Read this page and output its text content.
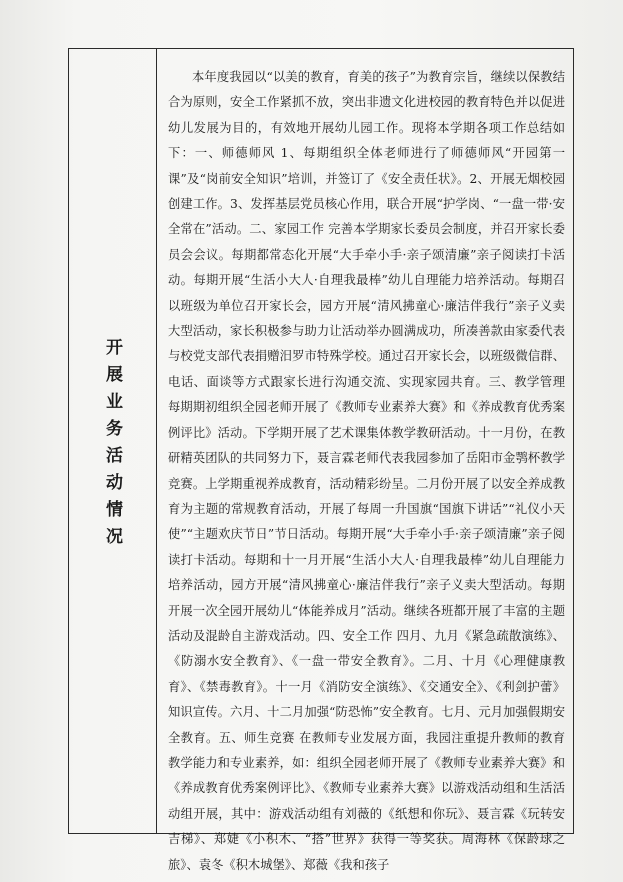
开展业务活动情况

本年度我园以“以美的教育，育美的孩子”为教育宗旨，继续以保教结合为原则，安全工作紧抓不放，突出非遗文化进校园的教育特色并以促进幼儿发展为目的，有效地开展幼儿园工作。现将本学期各项工作总结如下：一、师德师风 1、每期组织全体老师进行了师德师风“开园第一课”及“岗前安全知识”培训，并签订了《安全责任状》。2、开展无烟校园创建工作。3、发挥基层党员核心作用，联合开展“护学岗、“一盘一带·安全常在”活动。二、家园工作 完善本学期家长委员会制度，并召开家长委员会会议。每期都常态化开展“大手牵小手·亲子颂清廉”亲子阅读打卡活动。每期开展“生活小大人·自理我最棒”幼儿自理能力培养活动。每期召以班级为单位召开家长会，园方开展“清风拂童心·廉洁伴我行”亲子义卖大型活动，家长积极参与助力让活动举办圆满成功，所凑善款由家委代表与校党支部代表捐赠汨罗市特殊学校。通过召开家长会，以班级微信群、电话、面谈等方式跟家长进行沟通交流、实现家园共育。三、教学管理 每期期初组织全园老师开展了《教师专业素养大赛》和《养成教育优秀案例评比》活动。下学期开展了艺术课集体教学教研活动。十一月份，在教研精英团队的共同努力下，聂言霖老师代表我园参加了岳阳市金鹗杯教学竞赛。上学期重视养成教育，活动精彩纷呈。二月份开展了以安全养成教育为主题的常规教育活动，开展了每周一升国旗“国旗下讲话”“礼仪小天使”“主题欢庆节日”节日活动。每期开展“大手牵小手·亲子颂清廉”亲子阅读打卡活动。每期和十一月开展“生活小大人·自理我最棒”幼儿自理能力培养活动，园方开展“清风拂童心·廉洁伴我行”亲子义卖大型活动。每期开展一次全园开展幼儿“体能养成月”活动。继续各班都开展了丰富的主题活动及混龄自主游戏活动。四、安全工作 四月、九月《紧急疏散演练》、《防溺水安全教育》、《一盘一带安全教育》。二月、十月《心理健康教育》、《禁毒教育》。十一月《消防安全演练》、《交通安全》、《利剑护蕾》知识宣传。六月、十二月加强“防恐怖”安全教育。七月、元月加强假期安全教育。五、师生竞赛 在教师专业发展方面，我园注重提升教师的教育教学能力和专业素养，如：组织全园老师开展了《教师专业素养大赛》和《养成教育优秀案例评比》、《教师专业素养大赛》以游戏活动组和生活活动组开展，其中：游戏活动组有刘薇的《纸想和你玩》、聂言霖《玩转安吉梯》、郑婕《小积木、“搭”世界》获得一等奖获。周海林《保龄球之旅》、袁冬《积木城堡》、郑薇《我和孩子
